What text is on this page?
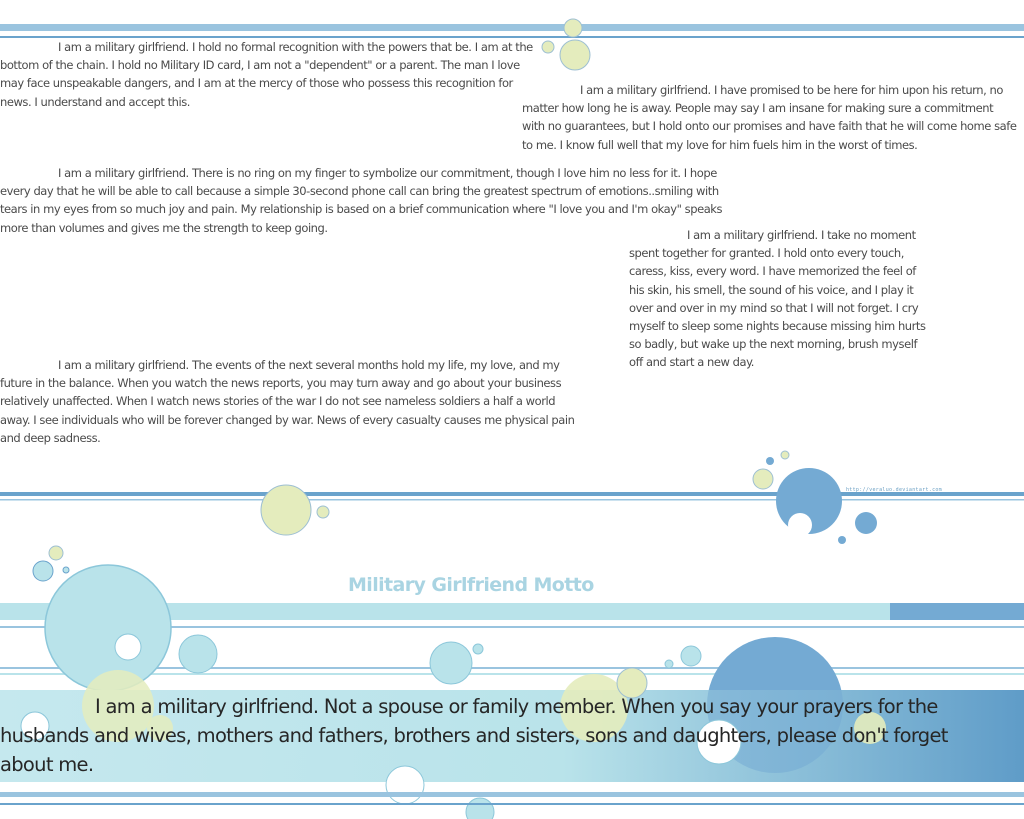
I am a military girlfriend. I hold no formal recognition with the powers that be. I am at the bottom of the chain. I hold no Military ID card, I am not a "dependent" or a parent. The man I love may face unspeakable dangers, and I am at the mercy of those who possess this recognition for news. I understand and accept this.

I am a military girlfriend. I have promised to be here for him upon his return, no matter how long he is away. People may say I am insane for making sure a commitment with no guarantees, but I hold onto our promises and have faith that he will come home safe to me. I know full well that my love for him fuels him in the worst of times.

I am a military girlfriend. There is no ring on my finger to symbolize our commitment, though I love him no less for it. I hope every day that he will be able to call because a simple 30-second phone call can bring the greatest spectrum of emotions..smiling with tears in my eyes from so much joy and pain. My relationship is based on a brief communication where "I love you and I'm okay" speaks more than volumes and gives me the strength to keep going.

I am a military girlfriend. I take no moment spent together for granted. I hold onto every touch, caress, kiss, every word. I have memorized the feel of his skin, his smell, the sound of his voice, and I play it over and over in my mind so that I will not forget. I cry myself to sleep some nights because missing him hurts so badly, but wake up the next morning, brush myself off and start a new day.

I am a military girlfriend. The events of the next several months hold my life, my love, and my future in the balance. When you watch the news reports, you may turn away and go about your business relatively unaffected. When I watch news stories of the war I do not see nameless soldiers a half a world away. I see individuals who will be forever changed by war. News of every casualty causes me physical pain and deep sadness.

http://veraluo.deviantart.com
Military Girlfriend Motto

I am a military girlfriend. Not a spouse or family member. When you say your prayers for the husbands and wives, mothers and fathers, brothers and sisters, sons and daughters, please don't forget about me.
